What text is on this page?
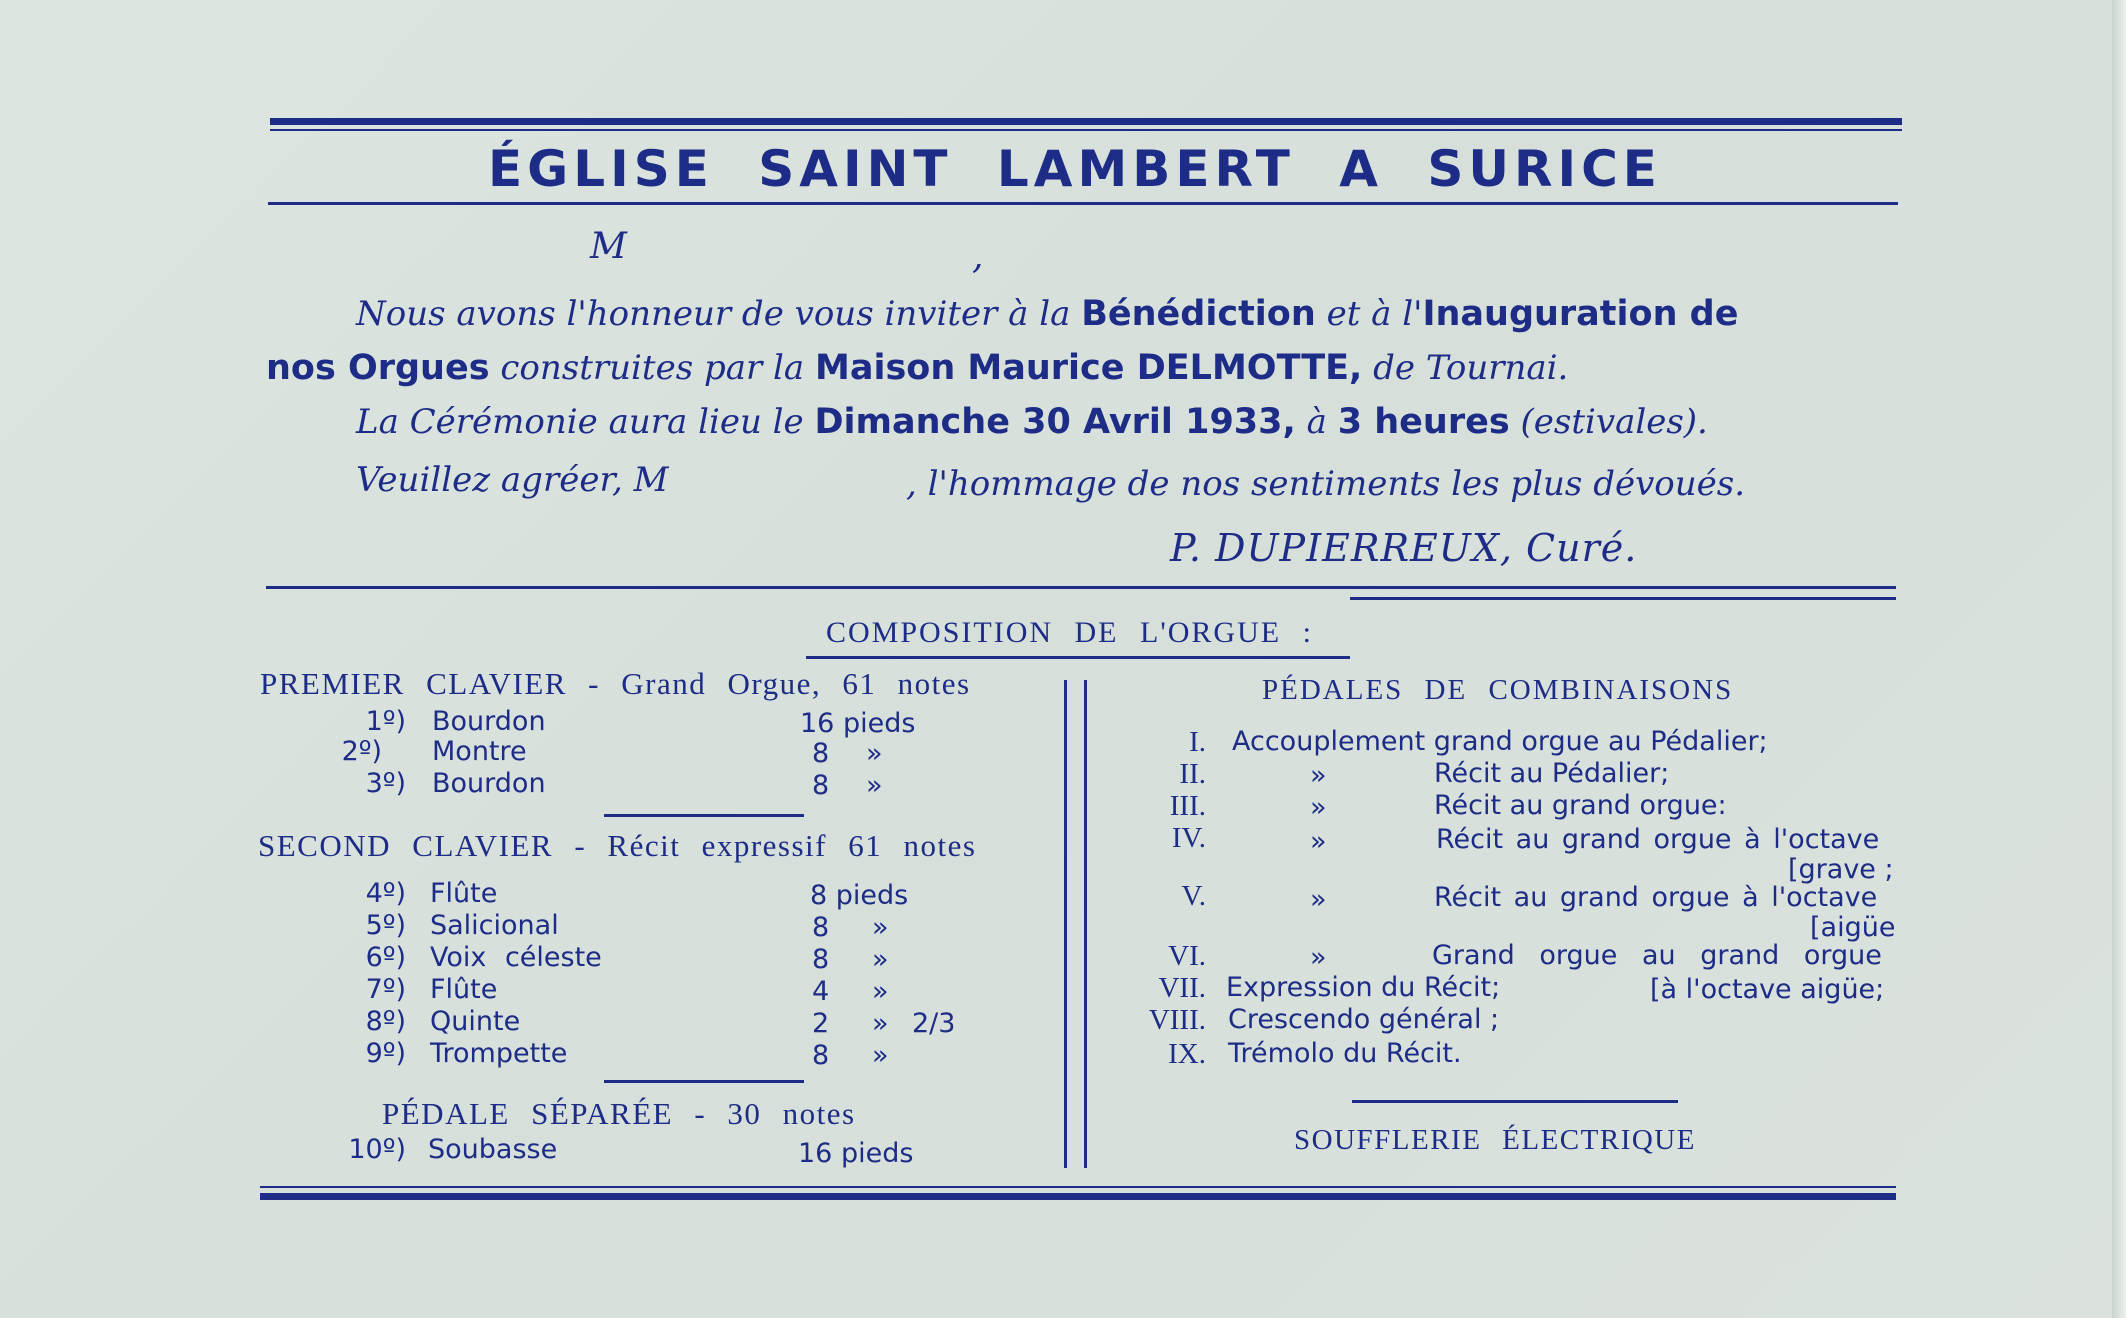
ÉGLISE SAINT LAMBERT A SURICE
M	,
Nous avons l'honneur de vous inviter à la Bénédiction et à l'Inauguration de
nos Orgues construites par la Maison Maurice DELMOTTE, de Tournai.
La Cérémonie aura lieu le Dimanche 30 Avril 1933, à 3 heures (estivales).
Veuillez agréer, M	, l'hommage de nos sentiments les plus dévoués.
P. DUPIERREUX, Curé.
COMPOSITION DE L'ORGUE :
PREMIER CLAVIER - Grand Orgue, 61 notes
1º) Bourdon	16 pieds
2º) Montre	8 »
3º) Bourdon	8 »
SECOND CLAVIER - Récit expressif 61 notes
4º) Flûte	8 pieds
5º) Salicional	8 »
6º) Voix céleste	8 »
7º) Flûte	4 »
8º) Quinte	2 » 2/3
9º) Trompette	8 »
PÉDALE SÉPARÉE - 30 notes
10º) Soubasse	16 pieds
PÉDALES DE COMBINAISONS
I. Accouplement grand orgue au Pédalier;
II.	»	Récit au Pédalier;
III.	»	Récit au grand orgue:
IV.	»	Récit au grand orgue à l'octave
[grave ;
V.	»	Récit au grand orgue à l'octave
[aigüe
VI.	»	Grand orgue au grand orgue
VII. Expression du Récit;	[à l'octave aigüe;
VIII. Crescendo général ;
IX. Trémolo du Récit.
SOUFFLERIE ÉLECTRIQUE
